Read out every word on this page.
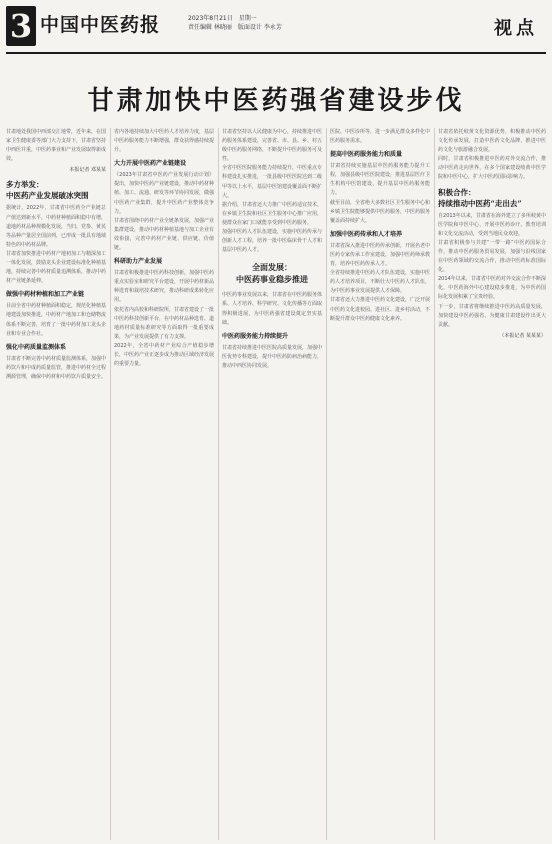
3 中国中医药报	2023年8月21日　星期一
责任编辑 林晓丽　版面设计 李永芳	视点
甘肃加快中医药强省建设步伐

甘肃地处我国中西部交汇地带，近年来，在国家卫生健康委等部门大力支持下，甘肃省坚持中西医并重，中医药事业和产业发展取得新成效。

本报记者 邓某某
多方举发：
中医药产业发展破冰突围

据统计，2022年，甘肃省中医药全产业链总产值达到新水平，中药材种植面积稳中有增，道地药材品种规模化发展，当归、党参、黄芪等品种产量居全国前列，已形成一批具有地域特色的中药材品牌。

甘肃省加快推进中药材产地初加工与精深加工一体化发展，鼓励龙头企业建设标准化种植基地，持续完善中药材质量追溯体系，推动中药材产业链条延伸。

做强中药材种植和加工产业链

目前全省中药材种植面积稳定，规范化种植基地建设加快推进，中药材产地加工和仓储物流体系不断完善，培育了一批中药材加工龙头企业和专业合作社。

强化中药质量监测体系

甘肃省不断完善中药材质量监测体系，加强中药饮片和中成药质量监管，推进中药材全过程溯源管理，确保中药材和中药饮片质量安全。

省内各地持续加大中医药人才培养力度，基层中医药服务能力不断增强，群众获得感持续提升。

大力开展中医药产业链建设

《2023年甘肃省中医药产业发展行动计划》提出，加快中医药产业链建设，推动中药材种植、加工、流通、研发等环节协同发展，做强中医药产业集群，提升中医药产业整体竞争力。

甘肃省围绕中药材产业全链条发展，加强产业集群建设，推动中药材种植基地与加工企业有效衔接，完善中药材产业链、供应链、价值链。

科研助力产业发展

甘肃省积极推进中医药科技创新，加强中医药重点实验室和研究平台建设，开展中药材新品种选育和栽培技术研究，推动科研成果转化应用。

依托省内高校和科研院所，甘肃省建设了一批中医药科技创新平台，在中药材品种选育、道地药材质量标准研究等方面取得一批重要成果，为产业发展提供了有力支撑。

2022年，全省中药材产业综合产值稳步增长，中医药产业正逐步成为推动区域经济发展的重要力量。

甘肃省坚持以人民健康为中心，持续推进中医药服务体系建设，完善省、市、县、乡、村五级中医药服务网络，不断提升中医药服务可及性。

全省中医医院服务能力持续提升，中医重点专科建设扎实推进，一批县级中医医院达到二级甲等以上水平，基层中医馆建设覆盖面不断扩大。

据介绍，甘肃省还大力推广中医药适宜技术，在乡镇卫生院和社区卫生服务中心推广应用，使群众在家门口就能享受到中医药服务。

加强中医药人才队伍建设，实施中医药传承与创新人才工程，培养一批中医临床骨干人才和基层中医药人才。

全面发展：
中医药事业稳步推进

中医药事业发展以来，甘肃省在中医药服务体系、人才培养、科学研究、文化传播等方面取得积极进展，为中医药强省建设奠定坚实基础。

中医药服务能力持续提升

甘肃省持续推进中医医院高质量发展，加强中医优势专科建设，提升中医药防病治病能力，推动中西医协同发展。

医院、中医诊所等，进一步满足群众多样化中医药服务需求。

提高中医药服务能力和质量

甘肃省持续实施基层中医药服务能力提升工程，加强县级中医医院建设，推进基层医疗卫生机构中医馆建设，提升基层中医药服务能力。

截至目前，全省绝大多数社区卫生服务中心和乡镇卫生院能够提供中医药服务，中医药服务覆盖面持续扩大。

加强中医药传承和人才培养

甘肃省深入推进中医药传承创新，开展名老中医药专家传承工作室建设，加强中医药师承教育，培养中医药传承人才。

全省持续推进中医药人才队伍建设，实施中医药人才培养项目，不断壮大中医药人才队伍，为中医药事业发展提供人才保障。

甘肃省还大力推进中医药文化建设，广泛开展中医药文化进校园、进社区、进乡村活动，不断提升群众中医药健康文化素养。

甘肃省依托岐黄文化资源优势，积极推动中医药文化传承发展，打造中医药文化品牌，推进中医药文化与旅游融合发展。

同时，甘肃省积极推进中医药对外交流合作，推动中医药走向世界，在多个国家建设岐黄中医学院和中医中心，扩大中医药国际影响力。

积极合作：
持续推动中医药“走出去”

自2013年以来，甘肃省在海外建立了多所岐黄中医学院和中医中心，开展中医药诊疗、教育培训和文化交流活动，受到当地民众欢迎。

甘肃省积极参与共建“一带一路”中医药国际合作，推动中医药服务贸易发展，加强与沿线国家在中医药领域的交流合作，推动中医药标准国际化。

2014年以来，甘肃省中医药对外交流合作不断深化，中医药海外中心建设稳步推进，为中医药国际化发展积累了宝贵经验。

下一步，甘肃省将继续推进中医药高质量发展，加快建设中医药强省，为健康甘肃建设作出更大贡献。

（本报记者 某某某）
